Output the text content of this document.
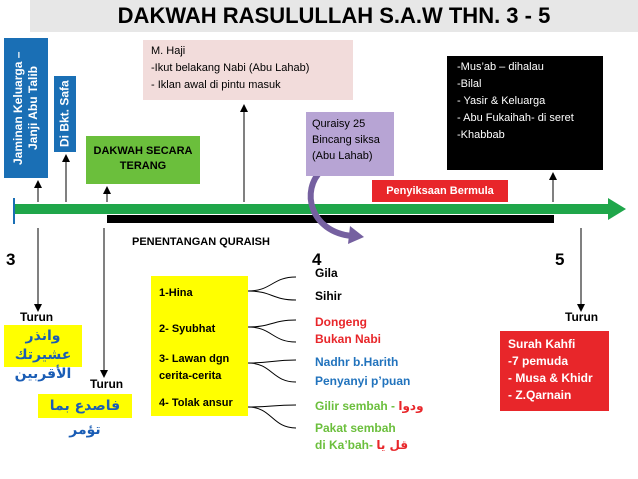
DAKWAH RASULULLAH S.A.W THN. 3 - 5
Jaminan Keluarga – Janji Abu Talib Di Bkt. Safa
DAKWAH SECARA TERANG
M. Haji
-Ikut belakang Nabi (Abu Lahab)
- Iklan awal di pintu masuk
Quraisy 25
Bincang siksa
(Abu Lahab)
-Mus’ab – dihalau
-Bilal
- Yasir & Keluarga
- Abu Fukaihah- di seret
-Khabbab
Penyiksaan Bermula
PENENTANGAN QURAISH
3	4	5
Turun
وانذر عشيرتك الأقربين
Turun
فاصدع بما تؤمر
1-Hina
2- Syubhat
3- Lawan dgn cerita-cerita
4- Tolak ansur
Gila
Sihir
Dongeng
Bukan Nabi
Nadhr b.Harith
Penyanyi p’puan
Gilir sembah - ودوا
Pakat sembah
di Ka’bah- قل يا
Turun
Surah Kahfi
-7 pemuda
- Musa & Khidr
- Z.Qarnain
